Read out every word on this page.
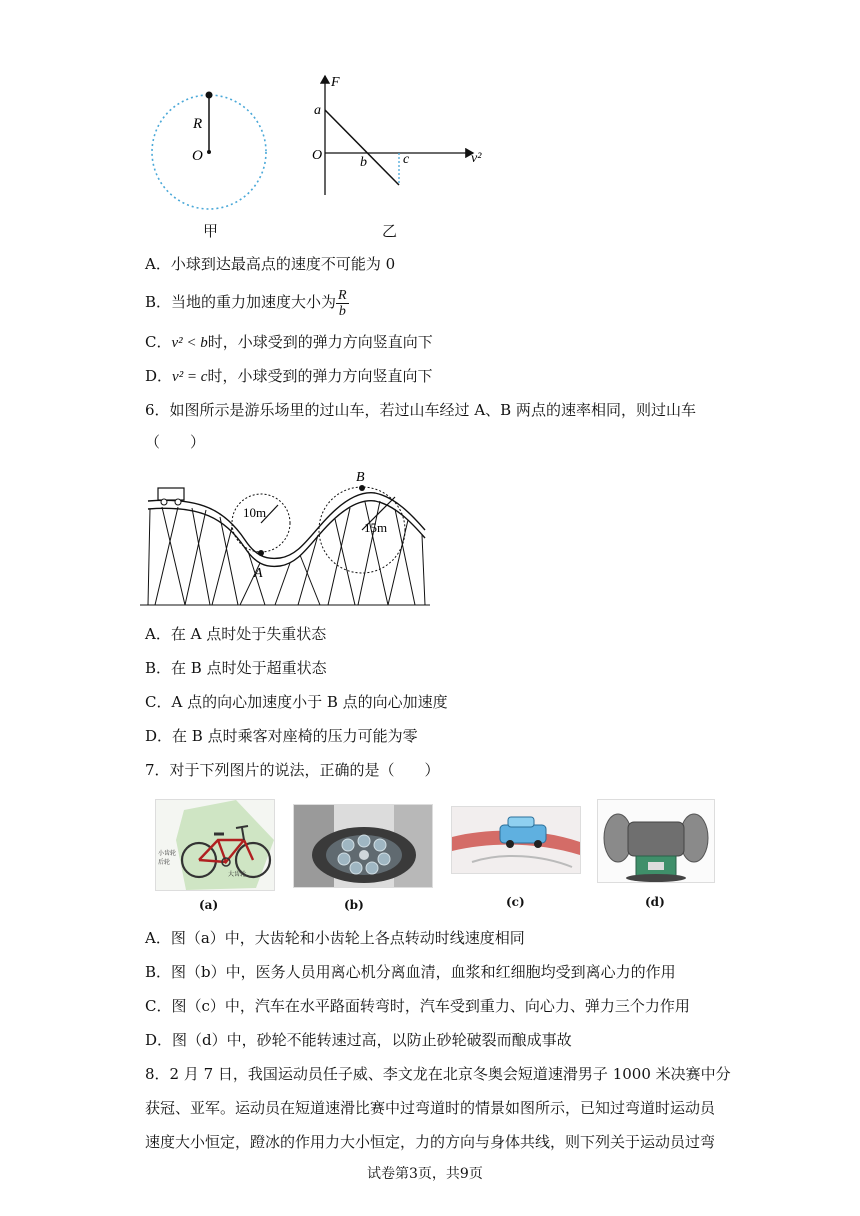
R
O
甲
F
a
O	b	c	v²
乙
A．小球到达最高点的速度不可能为 0
B．当地的重力加速度大小为 $\frac{R}{b}$
C．v² < b时，小球受到的弹力方向竖直向下
D．v² = c时，小球受到的弹力方向竖直向下
6．如图所示是游乐场里的过山车，若过山车经过 A、B 两点的速率相同，则过山车
（　　）
10m
15m
A
B
A．在 A 点时处于失重状态
B．在 B 点时处于超重状态
C．A 点的向心加速度小于 B 点的向心加速度
D．在 B 点时乘客对座椅的压力可能为零
7．对于下列图片的说法，正确的是（　　）
小齿轮
后轮
大齿轮
(a)	(b)	(c)	(d)
A．图（a）中，大齿轮和小齿轮上各点转动时线速度相同
B．图（b）中，医务人员用离心机分离血清，血浆和红细胞均受到离心力的作用
C．图（c）中，汽车在水平路面转弯时，汽车受到重力、向心力、弹力三个力作用
D．图（d）中，砂轮不能转速过高，以防止砂轮破裂而酿成事故
8．2 月 7 日，我国运动员任子威、李文龙在北京冬奥会短道速滑男子 1000 米决赛中分
获冠、亚军。运动员在短道速滑比赛中过弯道时的情景如图所示，已知过弯道时运动员
速度大小恒定，蹬冰的作用力大小恒定，力的方向与身体共线，则下列关于运动员过弯
试卷第3页，共9页
